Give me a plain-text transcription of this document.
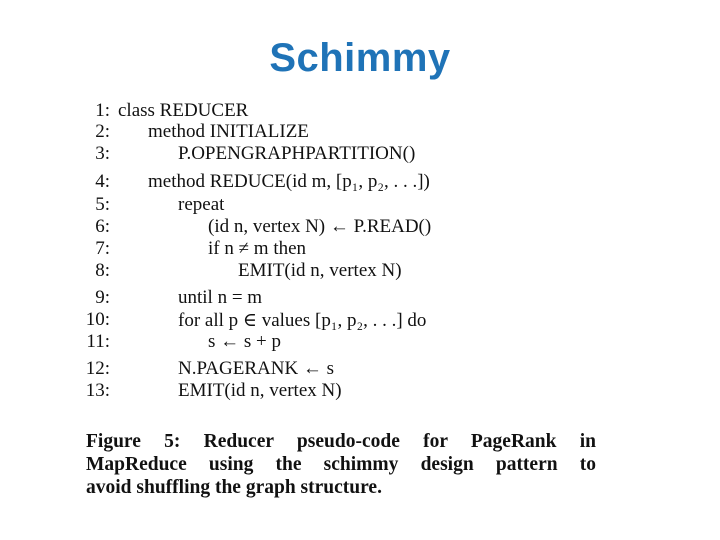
Schimmy
1: class REDUCER
2: method INITIALIZE
3:	P.OPENGRAPHPARTITION()
4: method REDUCE(id m, [p₁, p₂, . . .])
5:	repeat
6:	(id n, vertex N) ← P.READ()
7:	if n ≠ m then
8:	EMIT(id n, vertex N)
9:	until n = m
10:	for all p ∈ values [p₁, p₂, . . .] do
11:	s ← s + p
12:	N.PAGERANK ← s
13:	EMIT(id n, vertex N)
Figure 5: Reducer pseudo-code for PageRank in
MapReduce using the schimmy design pattern to
avoid shuffling the graph structure.
